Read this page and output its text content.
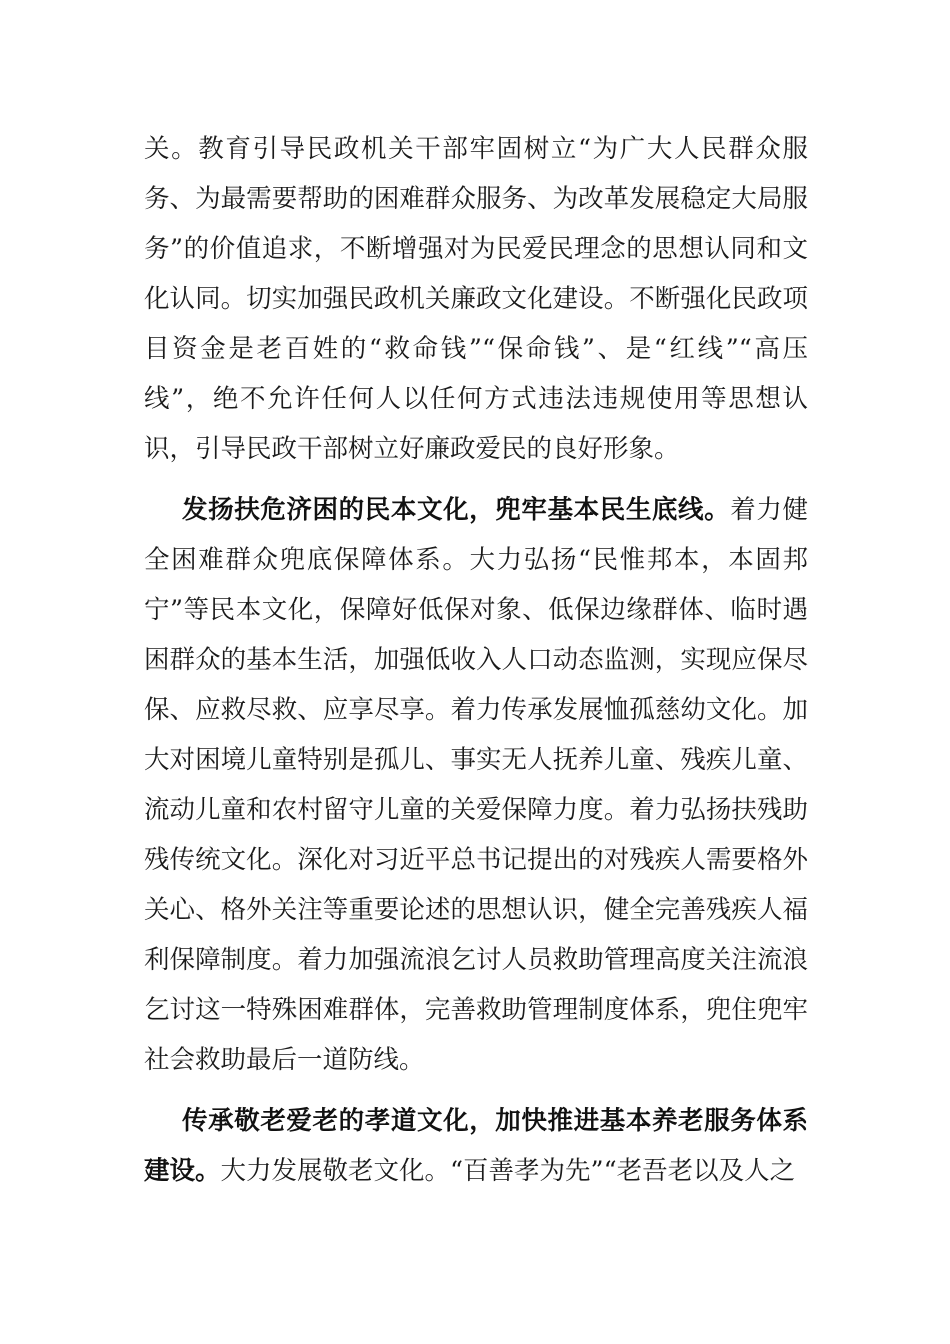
关。教育引导民政机关干部牢固树立“为广大人民群众服务、为最需要帮助的困难群众服务、为改革发展稳定大局服务”的价值追求，不断增强对为民爱民理念的思想认同和文化认同。切实加强民政机关廉政文化建设。不断强化民政项目资金是老百姓的“救命钱”“保命钱”、是“红线”“高压线”，绝不允许任何人以任何方式违法违规使用等思想认识，引导民政干部树立好廉政爱民的良好形象。

发扬扶危济困的民本文化，兜牢基本民生底线。着力健全困难群众兜底保障体系。大力弘扬“民惟邦本，本固邦宁”等民本文化，保障好低保对象、低保边缘群体、临时遇困群众的基本生活，加强低收入人口动态监测，实现应保尽保、应救尽救、应享尽享。着力传承发展恤孤慈幼文化。加大对困境儿童特别是孤儿、事实无人抚养儿童、残疾儿童、流动儿童和农村留守儿童的关爱保障力度。着力弘扬扶残助残传统文化。深化对习近平总书记提出的对残疾人需要格外关心、格外关注等重要论述的思想认识，健全完善残疾人福利保障制度。着力加强流浪乞讨人员救助管理高度关注流浪乞讨这一特殊困难群体，完善救助管理制度体系，兜住兜牢社会救助最后一道防线。

传承敬老爱老的孝道文化，加快推进基本养老服务体系建设。大力发展敬老文化。“百善孝为先”“老吾老以及人之
